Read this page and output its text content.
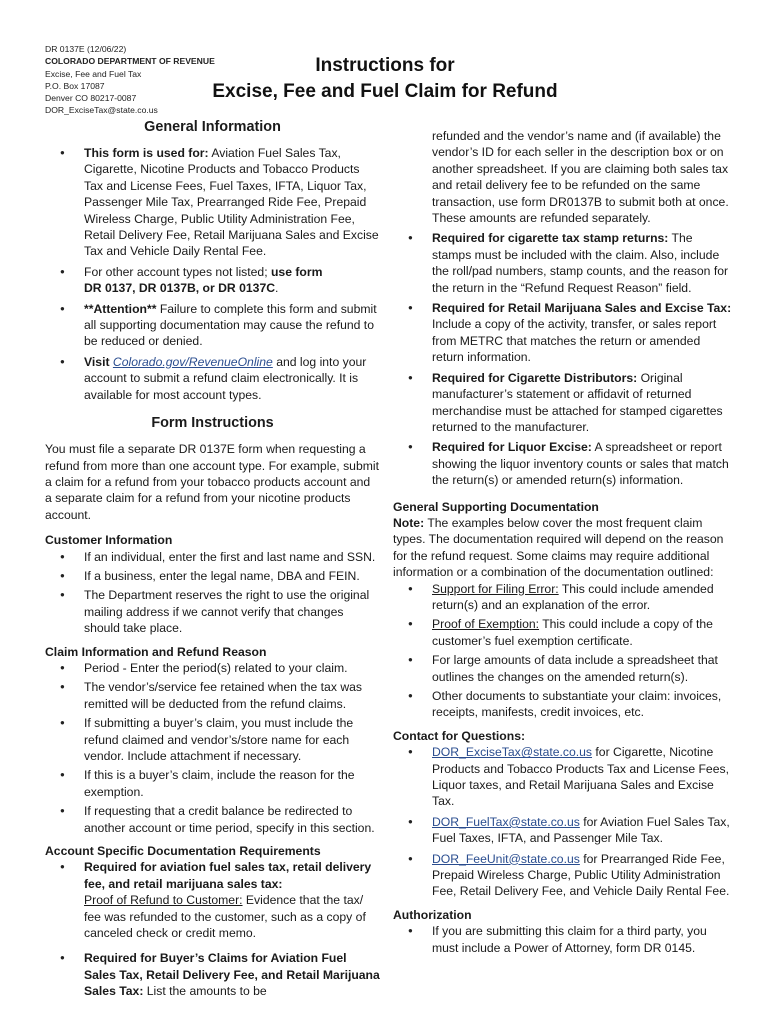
DR 0137E (12/06/22)
COLORADO DEPARTMENT OF REVENUE
Excise, Fee and Fuel Tax
P.O. Box 17087
Denver CO 80217-0087
DOR_ExciseTax@state.co.us
Instructions for
Excise, Fee and Fuel Claim for Refund
General Information
● This form is used for: Aviation Fuel Sales Tax, Cigarette, Nicotine Products and Tobacco Products Tax and License Fees, Fuel Taxes, IFTA, Liquor Tax, Passenger Mile Tax, Prearranged Ride Fee, Prepaid Wireless Charge, Public Utility Administration Fee, Retail Delivery Fee, Retail Marijuana Sales and Excise Tax and Vehicle Daily Rental Fee.
● For other account types not listed; use form
DR 0137, DR 0137B, or DR 0137C.
● **Attention** Failure to complete this form and submit all supporting documentation may cause the refund to be reduced or denied.
● Visit Colorado.gov/RevenueOnline and log into your account to submit a refund claim electronically. It is available for most account types.
Form Instructions

You must file a separate DR 0137E form when requesting a refund from more than one account type. For example, submit a claim for a refund from your tobacco products account and a separate claim for a refund from your nicotine products account.

Customer Information

● If an individual, enter the first and last name and SSN.
● If a business, enter the legal name, DBA and FEIN.
● The Department reserves the right to use the original mailing address if we cannot verify that changes should take place.

Claim Information and Refund Reason

● Period - Enter the period(s) related to your claim.
● The vendor’s/service fee retained when the tax was remitted will be deducted from the refund claims.
● If submitting a buyer’s claim, you must include the refund claimed and vendor’s/store name for each vendor. Include attachment if necessary.
● If this is a buyer’s claim, include the reason for the exemption.
● If requesting that a credit balance be redirected to another account or time period, specify in this section.

Account Specific Documentation Requirements

● Required for aviation fuel sales tax, retail delivery fee, and retail marijuana sales tax:
Proof of Refund to Customer: Evidence that the tax/ fee was refunded to the customer, such as a copy of canceled check or credit memo.
● Required for Buyer’s Claims for Aviation Fuel Sales Tax, Retail Delivery Fee, and Retail Marijuana Sales Tax: List the amounts to be
refunded and the vendor’s name and (if available) the vendor’s ID for each seller in the description box or on another spreadsheet. If you are claiming both sales tax and retail delivery fee to be refunded on the same transaction, use form DR0137B to submit both at once. These amounts are refunded separately.
● Required for cigarette tax stamp returns: The stamps must be included with the claim. Also, include the roll/pad numbers, stamp counts, and the reason for the return in the “Refund Request Reason” field.
● Required for Retail Marijuana Sales and Excise Tax: Include a copy of the activity, transfer, or sales report from METRC that matches the return or amended return information.
● Required for Cigarette Distributors: Original manufacturer’s statement or affidavit of returned merchandise must be attached for stamped cigarettes returned to the manufacturer.
● Required for Liquor Excise: A spreadsheet or report showing the liquor inventory counts or sales that match the return(s) or amended return(s) information.

General Supporting Documentation

Note: The examples below cover the most frequent claim types. The documentation required will depend on the reason for the refund request. Some claims may require additional information or a combination of the documentation outlined:

● Support for Filing Error: This could include amended return(s) and an explanation of the error.
● Proof of Exemption: This could include a copy of the customer’s fuel exemption certificate.
● For large amounts of data include a spreadsheet that outlines the changes on the amended return(s).
● Other documents to substantiate your claim: invoices, receipts, manifests, credit invoices, etc.

Contact for Questions:

● DOR_ExciseTax@state.co.us for Cigarette, Nicotine Products and Tobacco Products Tax and License Fees, Liquor taxes, and Retail Marijuana Sales and Excise Tax.
● DOR_FuelTax@state.co.us for Aviation Fuel Sales Tax, Fuel Taxes, IFTA, and Passenger Mile Tax.
● DOR_FeeUnit@state.co.us for Prearranged Ride Fee, Prepaid Wireless Charge, Public Utility Administration Fee, Retail Delivery Fee, and Vehicle Daily Rental Fee.

Authorization

● If you are submitting this claim for a third party, you must include a Power of Attorney, form DR 0145.
